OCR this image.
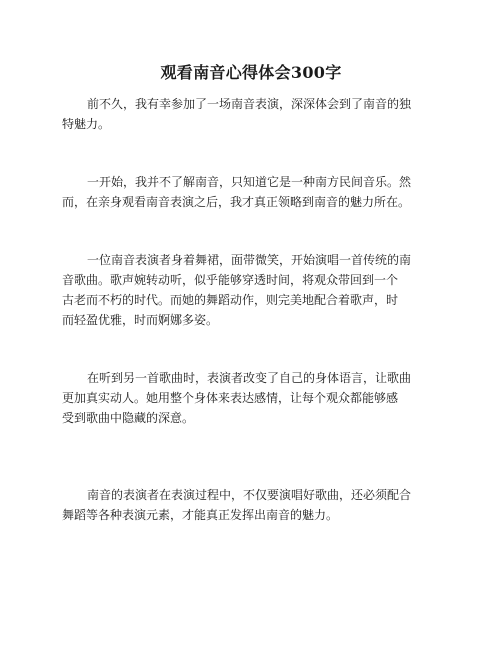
观看南音心得体会300字
前不久，我有幸参加了一场南音表演，深深体会到了南音的独
特魅力。
一开始，我并不了解南音，只知道它是一种南方民间音乐。然
而，在亲身观看南音表演之后，我才真正领略到南音的魅力所在。
一位南音表演者身着舞裙，面带微笑，开始演唱一首传统的南
音歌曲。歌声婉转动听，似乎能够穿透时间，将观众带回到一个
古老而不朽的时代。而她的舞蹈动作，则完美地配合着歌声，时
而轻盈优雅，时而婀娜多姿。
在听到另一首歌曲时，表演者改变了自己的身体语言，让歌曲
更加真实动人。她用整个身体来表达感情，让每个观众都能够感
受到歌曲中隐藏的深意。
南音的表演者在表演过程中，不仅要演唱好歌曲，还必须配合
舞蹈等各种表演元素，才能真正发挥出南音的魅力。
